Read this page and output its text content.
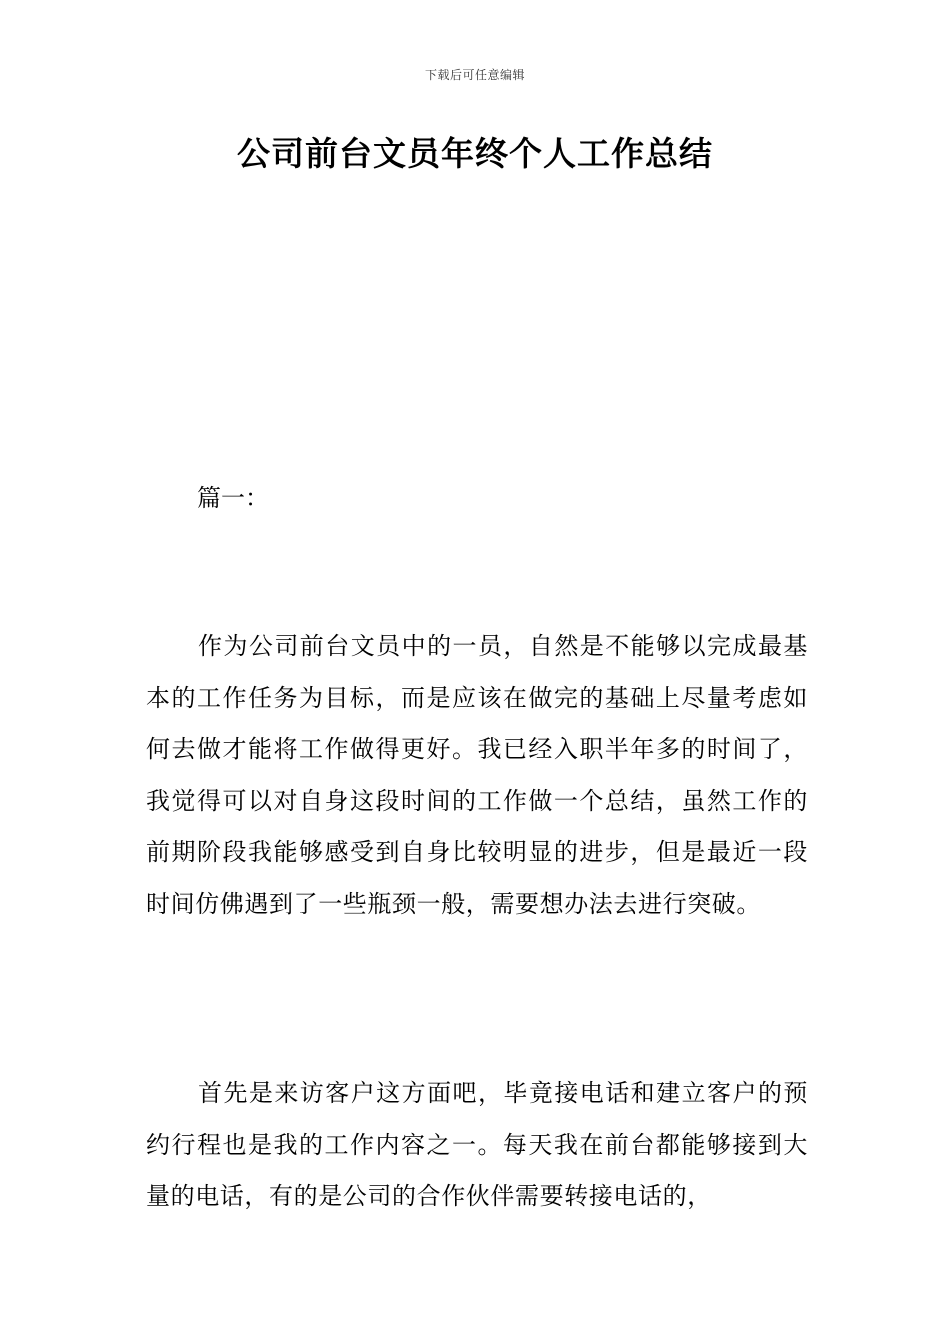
下载后可任意编辑
公司前台文员年终个人工作总结
篇一：

作为公司前台文员中的一员，自然是不能够以完成最基本的工作任务为目标，而是应该在做完的基础上尽量考虑如何去做才能将工作做得更好。我已经入职半年多的时间了，我觉得可以对自身这段时间的工作做一个总结，虽然工作的前期阶段我能够感受到自身比较明显的进步，但是最近一段时间仿佛遇到了一些瓶颈一般，需要想办法去进行突破。

首先是来访客户这方面吧，毕竟接电话和建立客户的预约行程也是我的工作内容之一。每天我在前台都能够接到大量的电话，有的是公司的合作伙伴需要转接电话的，
